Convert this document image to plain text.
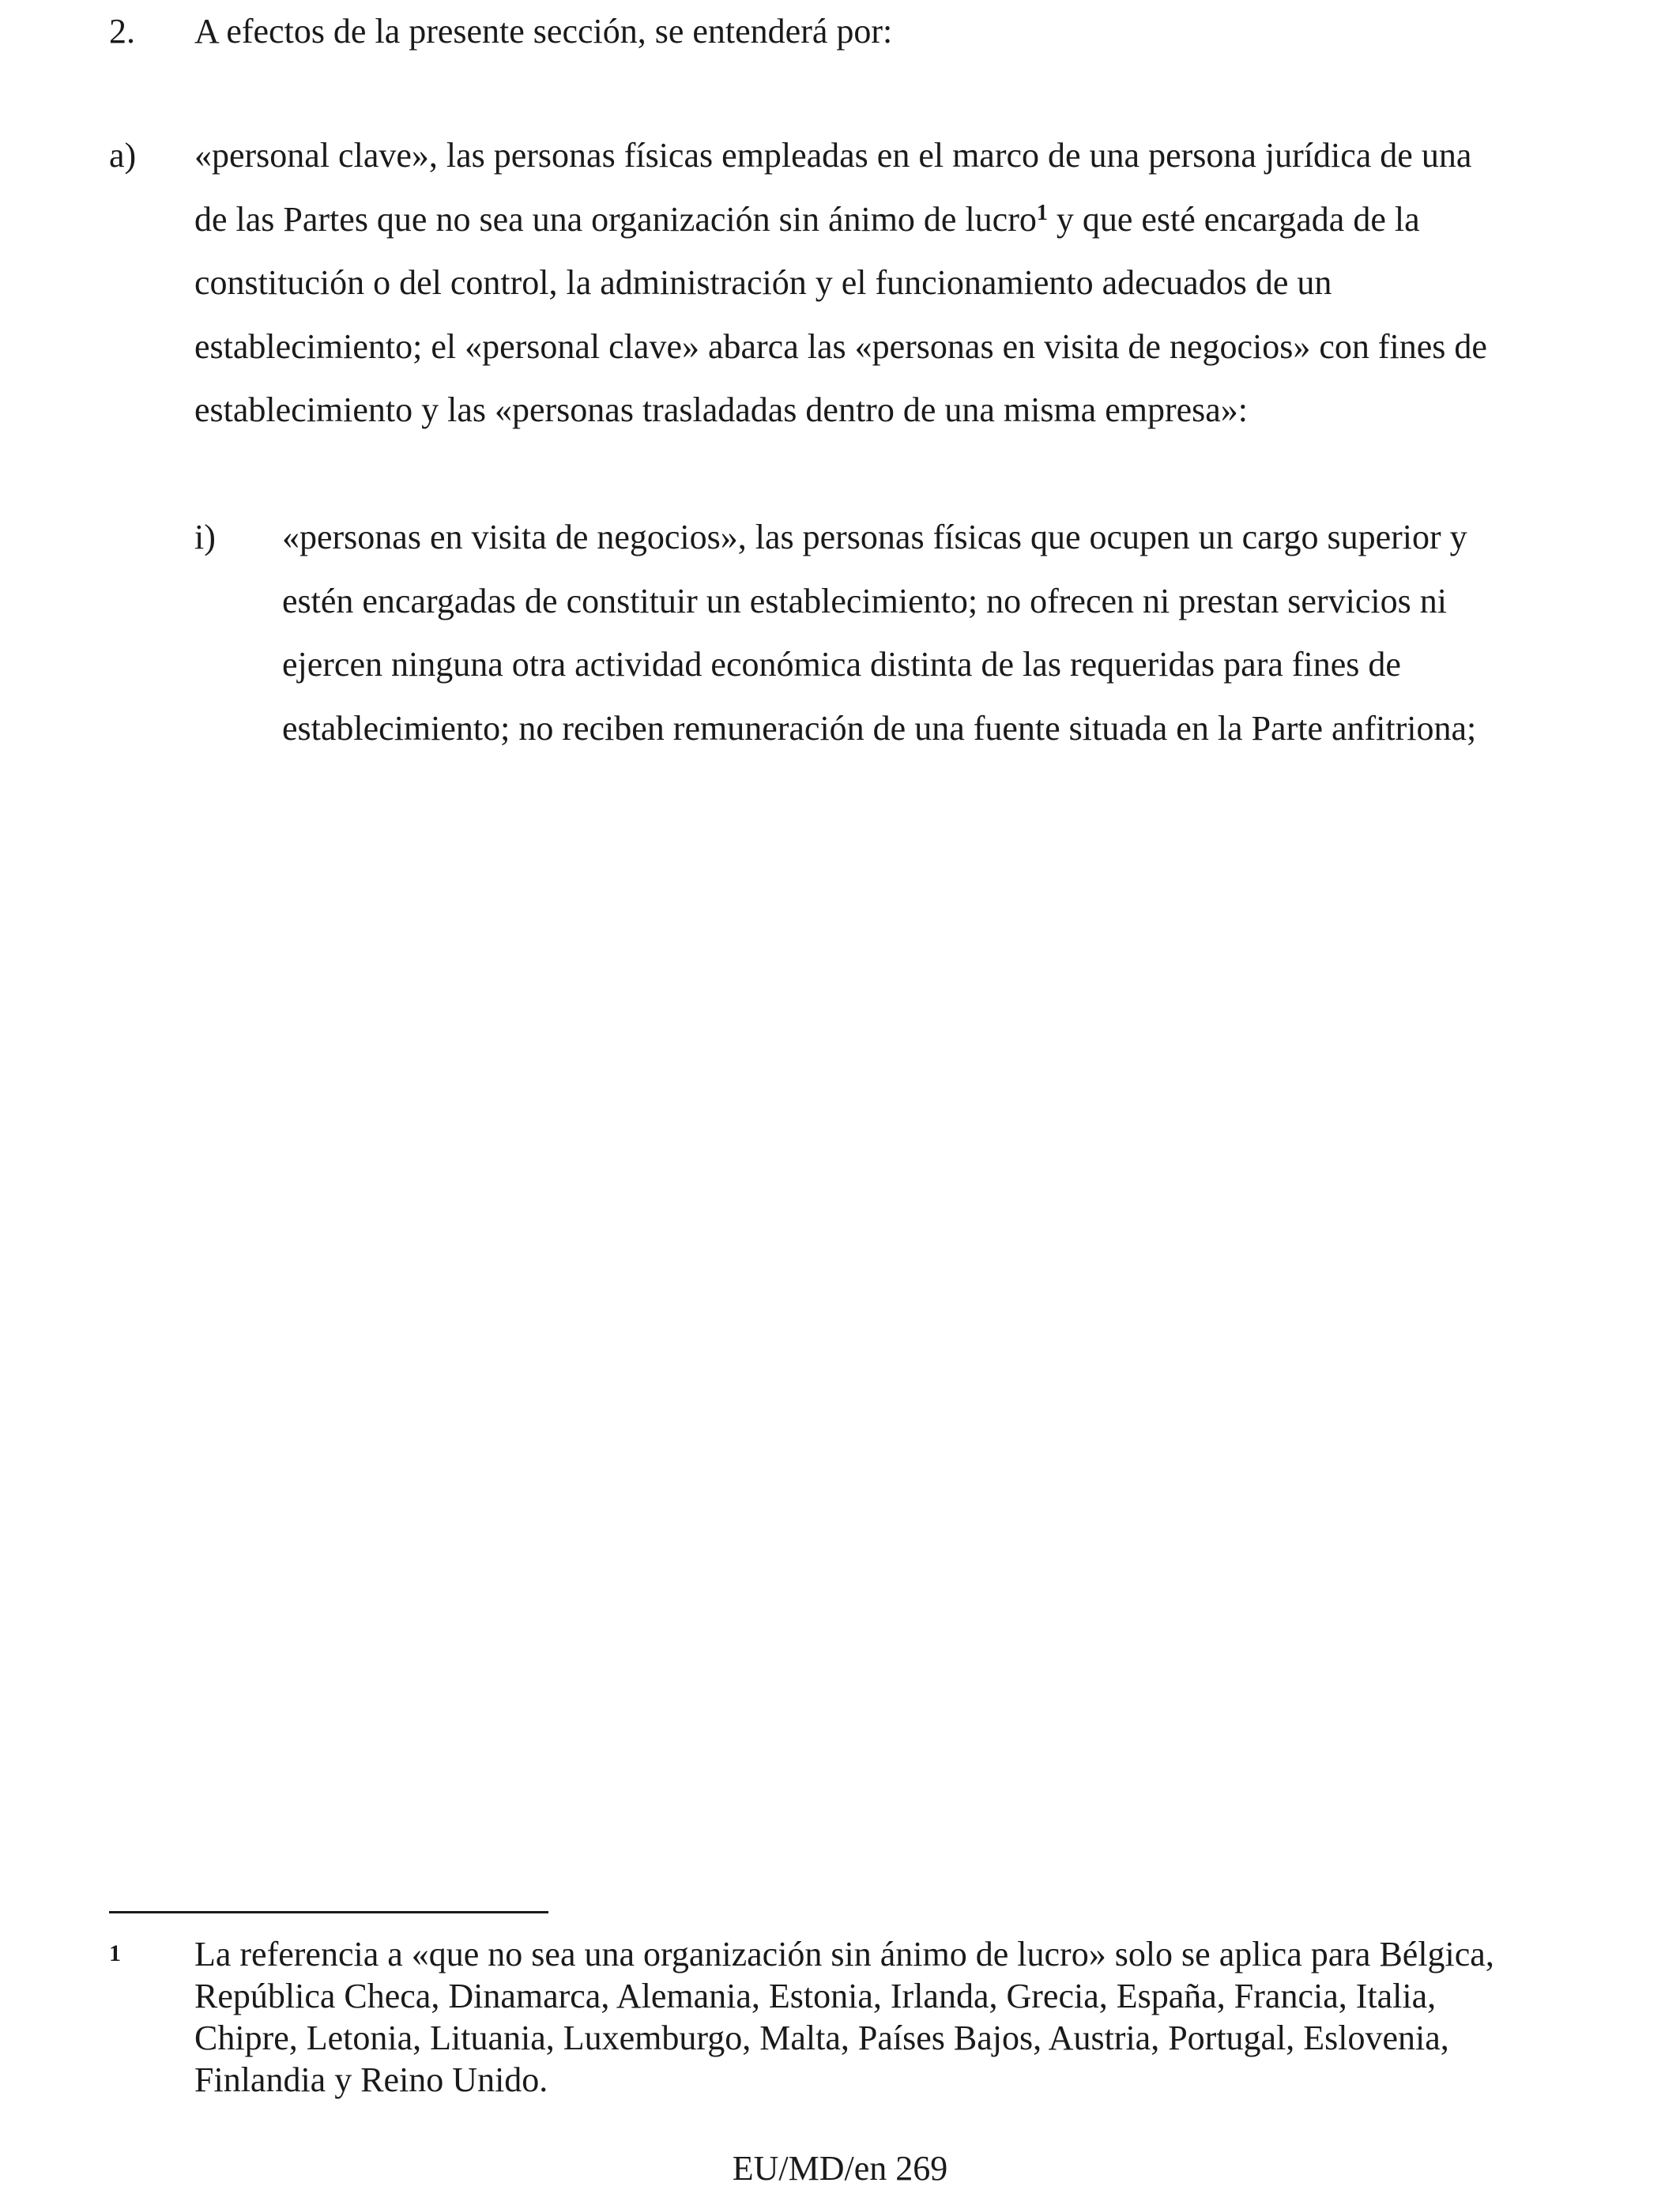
2. A efectos de la presente sección, se entenderá por:

a) «personal clave», las personas físicas empleadas en el marco de una persona jurídica de una
de las Partes que no sea una organización sin ánimo de lucro$^1$ y que esté encargada de la
constitución o del control, la administración y el funcionamiento adecuados de un
establecimiento; el «personal clave» abarca las «personas en visita de negocios» con fines de
establecimiento y las «personas trasladadas dentro de una misma empresa»:
i) «personas en visita de negocios», las personas físicas que ocupen un cargo superior y
estén encargadas de constituir un establecimiento; no ofrecen ni prestan servicios ni
ejercen ninguna otra actividad económica distinta de las requeridas para fines de
establecimiento; no reciben remuneración de una fuente situada en la Parte anfitriona;
1 La referencia a «que no sea una organización sin ánimo de lucro» solo se aplica para Bélgica,
República Checa, Dinamarca, Alemania, Estonia, Irlanda, Grecia, España, Francia, Italia,
Chipre, Letonia, Lituania, Luxemburgo, Malta, Países Bajos, Austria, Portugal, Eslovenia,
Finlandia y Reino Unido.
EU/MD/en 269
